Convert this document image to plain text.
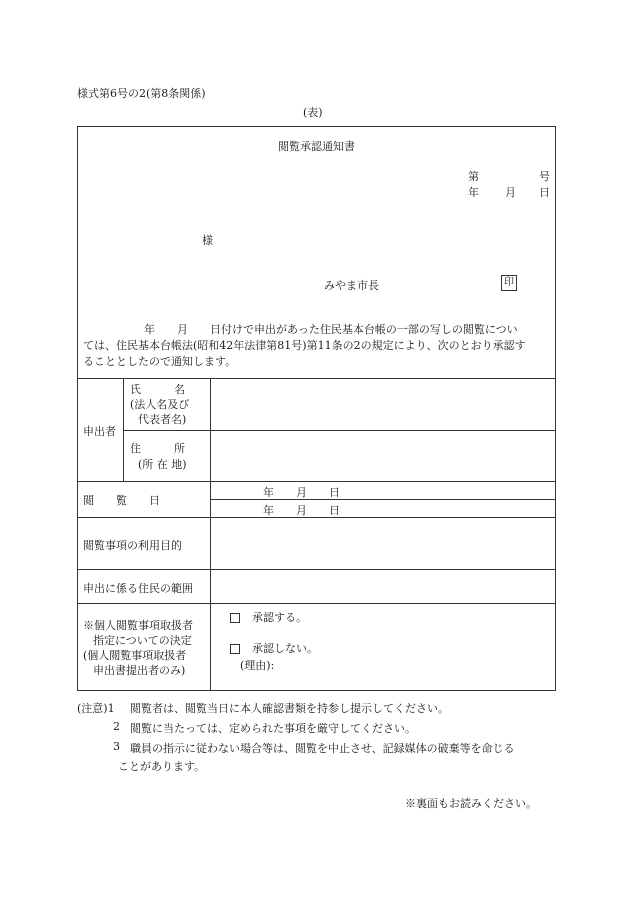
様式第6号の2(第8条関係)
(表)
閲覧承認通知書
第	号
年 月 日
様
みやま市長	印
年　　月　　日付けで申出があった住民基本台帳の一部の写しの閲覧につい
ては、住民基本台帳法(昭和42年法律第81号)第11条の2の規定により、次のとおり承認す
ることとしたので通知します。
申出者
氏　　　名
(法人名及び
代表者名)
住　　　所
(所 在 地)
閲　　覧　　日
年　　月　　日
年　　月　　日
閲覧事項の利用目的
申出に係る住民の範囲
※個人閲覧事項取扱者
指定についての決定
(個人閲覧事項取扱者
申出書提出者のみ)
承認する。
承認しない。
(理由):
(注意)1 閲覧者は、閲覧当日に本人確認書類を持参し提示してください。
2 閲覧に当たっては、定められた事項を厳守してください。
3 職員の指示に従わない場合等は、閲覧を中止させ、記録媒体の破棄等を命じる
ことがあります。
※裏面もお読みください。
